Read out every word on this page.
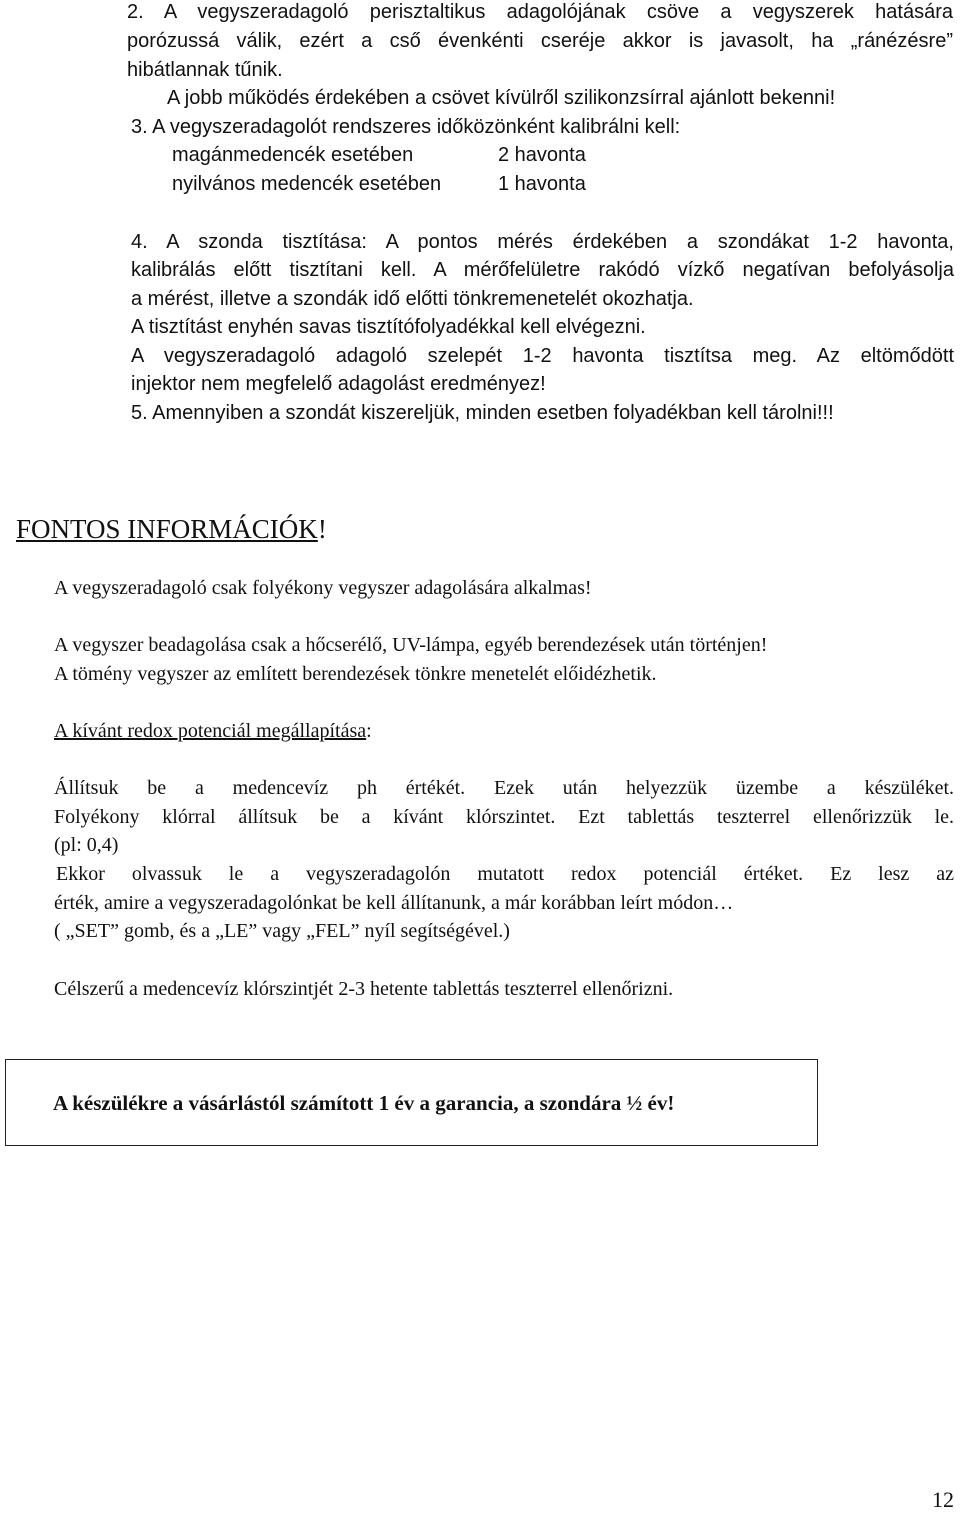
2. A vegyszeradagoló perisztaltikus adagolójának csöve a vegyszerek hatására
porózussá válik, ezért a cső évenkénti cseréje akkor is javasolt, ha „ránézésre”
hibátlannak tűnik.
A jobb működés érdekében a csövet kívülről szilikonzsírral ajánlott bekenni!
3. A vegyszeradagolót rendszeres időközönként kalibrálni kell:
magánmedencék esetében	2 havonta
nyilvános medencék esetében	1 havonta
4. A szonda tisztítása: A pontos mérés érdekében a szondákat 1-2 havonta,
kalibrálás előtt tisztítani kell. A mérőfelületre rakódó vízkő negatívan befolyásolja
a mérést, illetve a szondák idő előtti tönkremenetelét okozhatja.
A tisztítást enyhén savas tisztítófolyadékkal kell elvégezni.
A vegyszeradagoló adagoló szelepét 1-2 havonta tisztítsa meg. Az eltömődött
injektor nem megfelelő adagolást eredményez!
5. Amennyiben a szondát kiszereljük, minden esetben folyadékban kell tárolni!!!
FONTOS INFORMÁCIÓK!
A vegyszeradagoló csak folyékony vegyszer adagolására alkalmas!
A vegyszer beadagolása csak a hőcserélő, UV-lámpa, egyéb berendezések után történjen!
A tömény vegyszer az említett berendezések tönkre menetelét előidézhetik.
A kívánt redox potenciál megállapítása:
Állítsuk be a medencevíz ph értékét. Ezek után helyezzük üzembe a készüléket.
Folyékony klórral állítsuk be a kívánt klórszintet. Ezt tablettás teszterrel ellenőrizzük le.
(pl: 0,4)
Ekkor olvassuk le a vegyszeradagolón mutatott redox potenciál értéket. Ez lesz az
érték, amire a vegyszeradagolónkat be kell állítanunk, a már korábban leírt módon…
( „SET” gomb, és a „LE” vagy „FEL” nyíl segítségével.)
Célszerű a medencevíz klórszintjét 2-3 hetente tablettás teszterrel ellenőrizni.
A készülékre a vásárlástól számított 1 év a garancia, a szondára ½ év!
12
